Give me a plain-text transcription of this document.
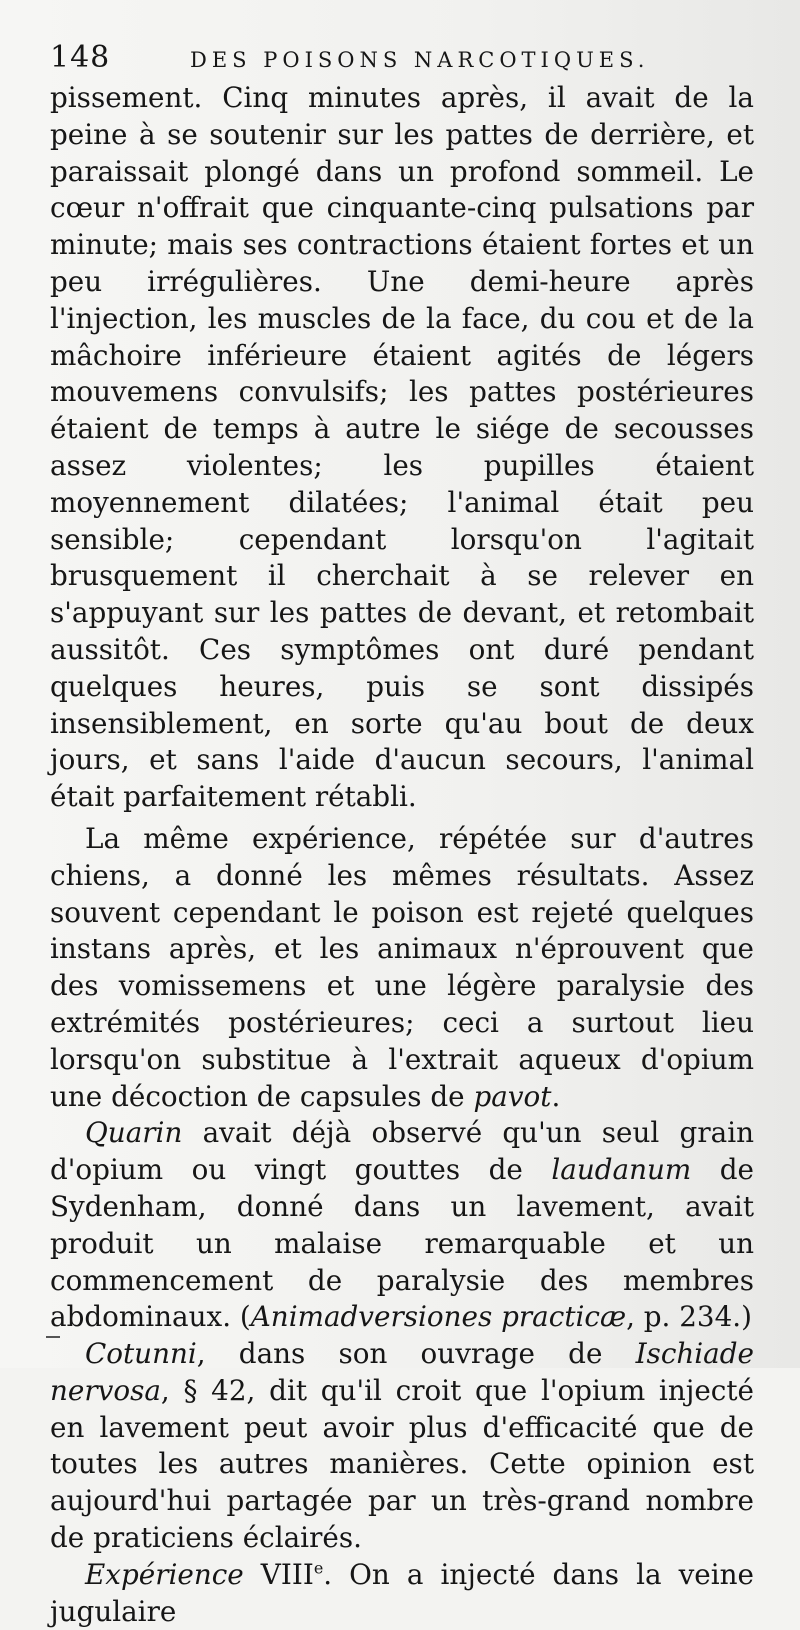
148	DES POISONS NARCOTIQUES.

pissement. Cinq minutes après, il avait de la peine à se soutenir sur les pattes de derrière, et paraissait plongé dans un profond sommeil. Le cœur n'offrait que cinquante-cinq pulsations par minute; mais ses contractions étaient fortes et un peu irrégulières. Une demi-heure après l'injection, les muscles de la face, du cou et de la mâchoire inférieure étaient agités de légers mouvemens convulsifs; les pattes postérieures étaient de temps à autre le siége de secousses assez violentes; les pupilles étaient moyennement dilatées; l'animal était peu sensible; cependant lorsqu'on l'agitait brusquement il cherchait à se relever en s'appuyant sur les pattes de devant, et retombait aussitôt. Ces symptômes ont duré pendant quelques heures, puis se sont dissipés insensiblement, en sorte qu'au bout de deux jours, et sans l'aide d'aucun secours, l'animal était parfaitement rétabli.

La même expérience, répétée sur d'autres chiens, a donné les mêmes résultats. Assez souvent cependant le poison est rejeté quelques instans après, et les animaux n'éprouvent que des vomissemens et une légère paralysie des extrémités postérieures; ceci a surtout lieu lorsqu'on substitue à l'extrait aqueux d'opium une décoction de capsules de pavot.

Quarin avait déjà observé qu'un seul grain d'opium ou vingt gouttes de laudanum de Sydenham, donné dans un lavement, avait produit un malaise remarquable et un commencement de paralysie des membres abdominaux. (Animadversiones practicæ, p. 234.)

Cotunni, dans son ouvrage de Ischiade nervosa, § 42, dit qu'il croit que l'opium injecté en lavement peut avoir plus d'efficacité que de toutes les autres manières. Cette opinion est aujourd'hui partagée par un très-grand nombre de praticiens éclairés.

Expérience VIIIe. On a injecté dans la veine jugulaire
